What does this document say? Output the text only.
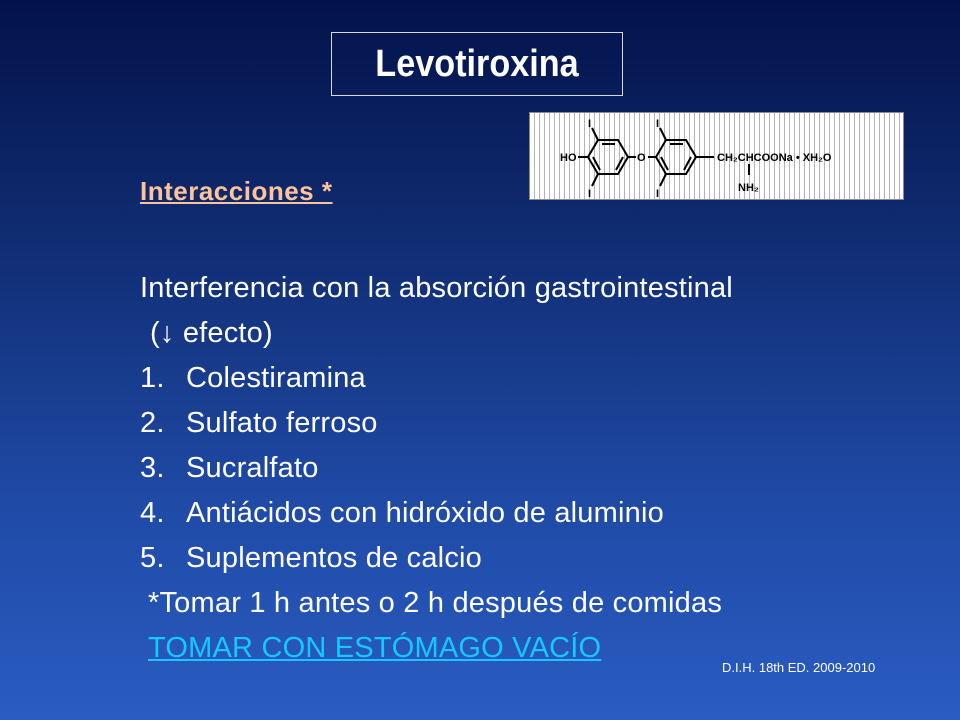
Levotiroxina
HO	O
I
I
I
I
CH₂CHCOONa • XH₂O
NH₂
Interacciones *
Interferencia con la absorción gastrointestinal
(↓ efecto)
1. Colestiramina
2. Sulfato ferroso
3. Sucralfato
4. Antiácidos con hidróxido de aluminio
5. Suplementos de calcio
*Tomar 1 h antes o 2 h después de comidas
TOMAR CON ESTÓMAGO VACÍO
D.I.H. 18th ED. 2009-2010
